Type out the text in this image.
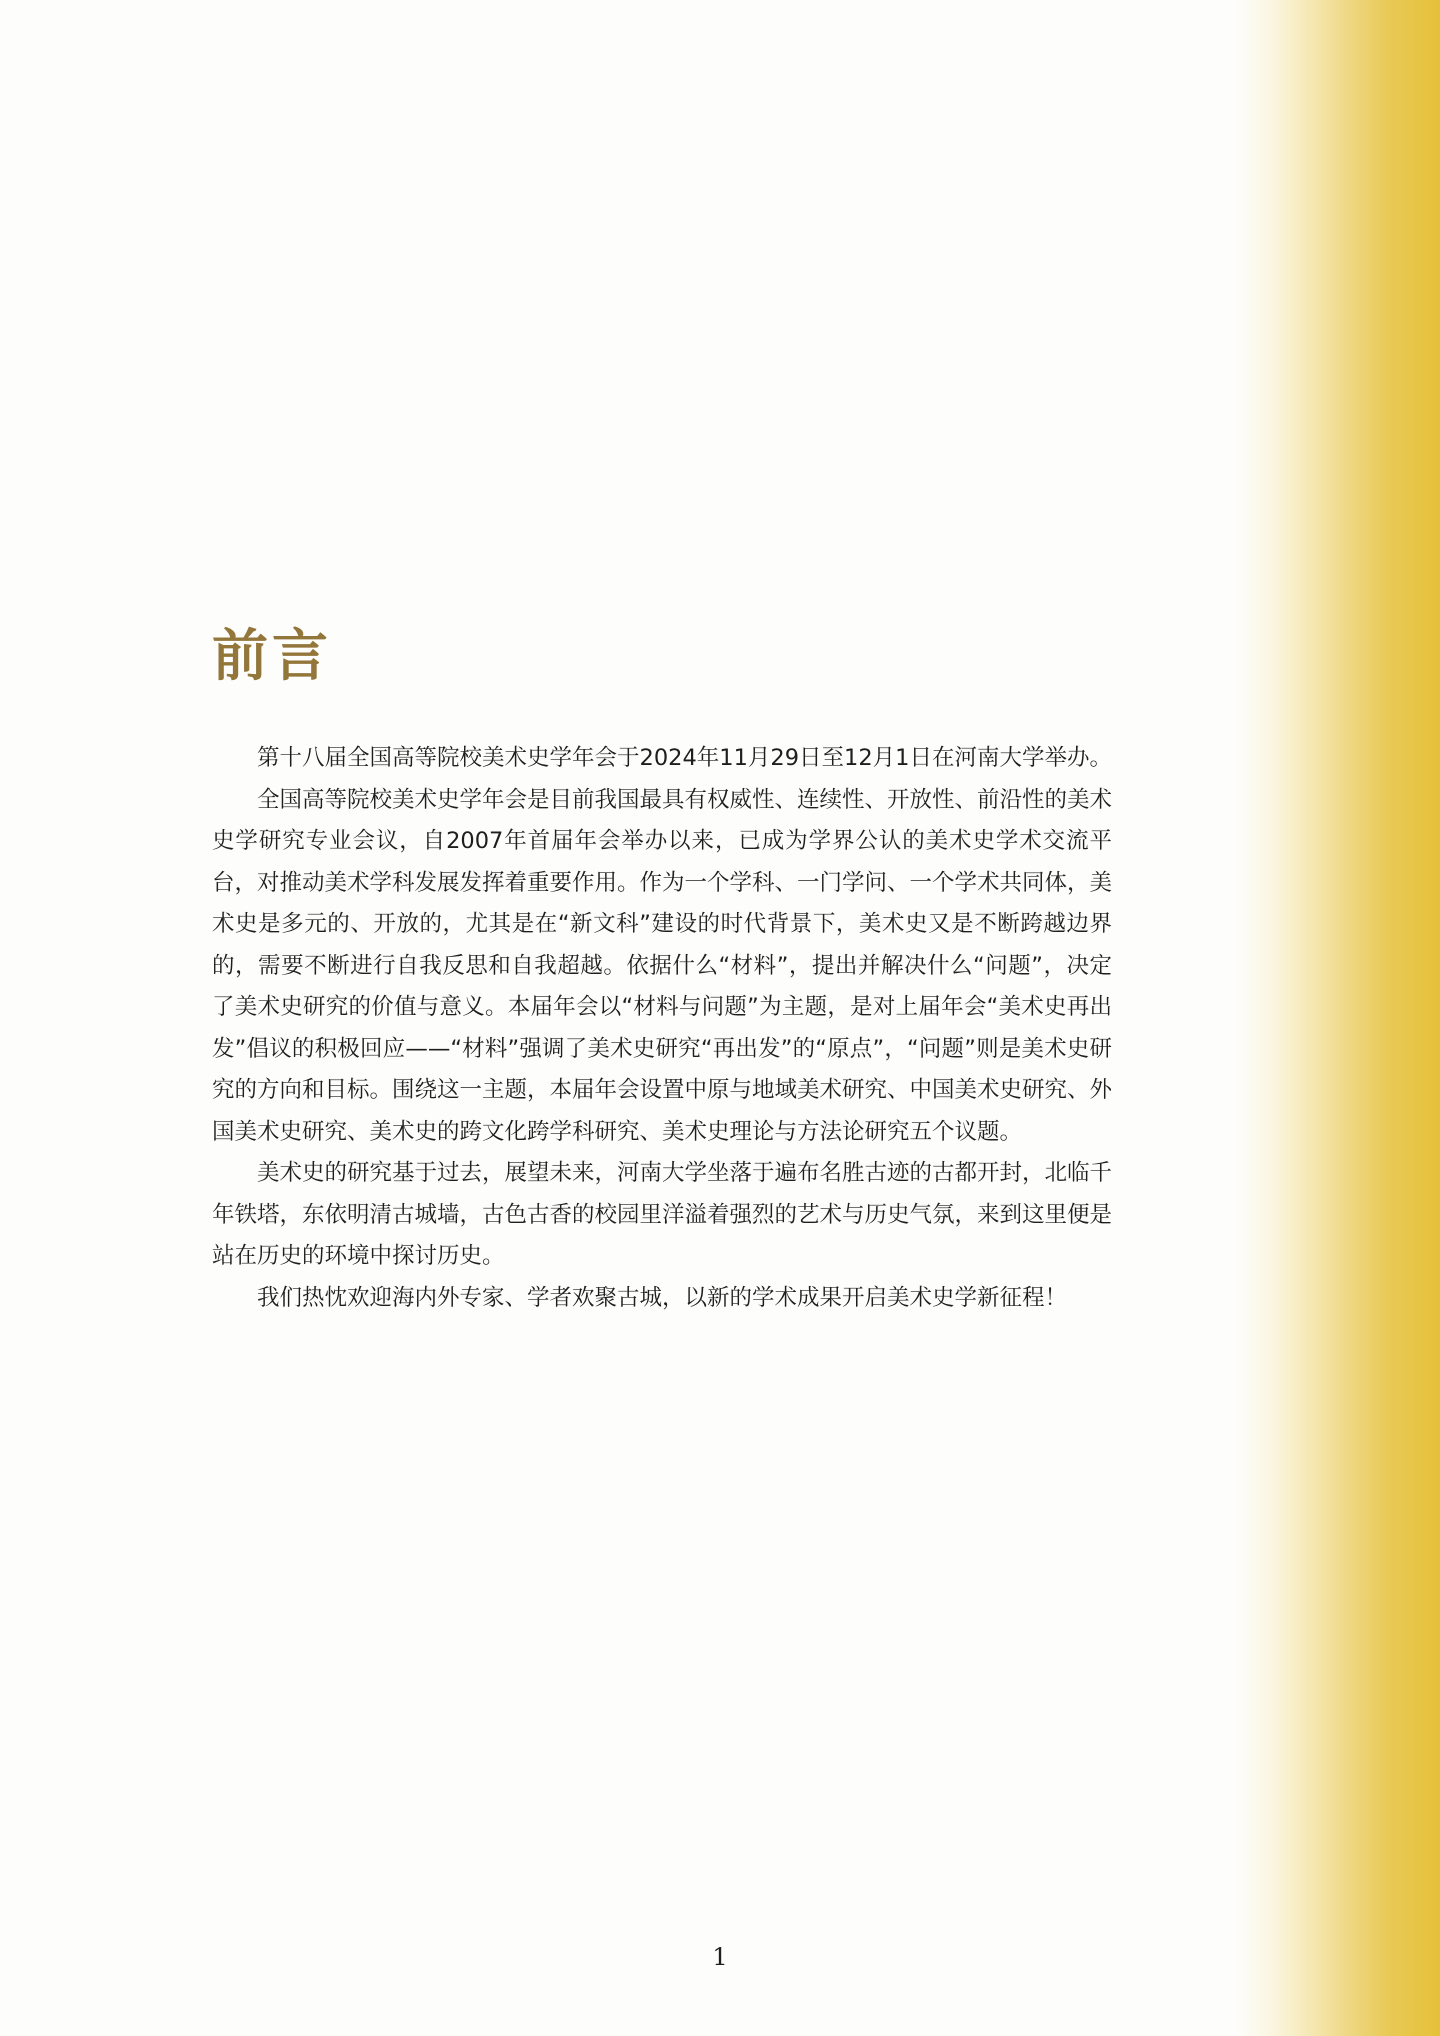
前言

第十八届全国高等院校美术史学年会于2024年11月29日至12月1日在河南大学举办。

全国高等院校美术史学年会是目前我国最具有权威性、连续性、开放性、前沿性的美术史学研究专业会议，自2007年首届年会举办以来，已成为学界公认的美术史学术交流平台，对推动美术学科发展发挥着重要作用。作为一个学科、一门学问、一个学术共同体，美术史是多元的、开放的，尤其是在“新文科”建设的时代背景下，美术史又是不断跨越边界的，需要不断进行自我反思和自我超越。依据什么“材料”，提出并解决什么“问题”，决定了美术史研究的价值与意义。本届年会以“材料与问题”为主题，是对上届年会“美术史再出发”倡议的积极回应——“材料”强调了美术史研究“再出发”的“原点”，“问题”则是美术史研究的方向和目标。围绕这一主题，本届年会设置中原与地域美术研究、中国美术史研究、外国美术史研究、美术史的跨文化跨学科研究、美术史理论与方法论研究五个议题。

美术史的研究基于过去，展望未来，河南大学坐落于遍布名胜古迹的古都开封，北临千年铁塔，东依明清古城墙，古色古香的校园里洋溢着强烈的艺术与历史气氛，来到这里便是站在历史的环境中探讨历史。

我们热忱欢迎海内外专家、学者欢聚古城，以新的学术成果开启美术史学新征程！

1
